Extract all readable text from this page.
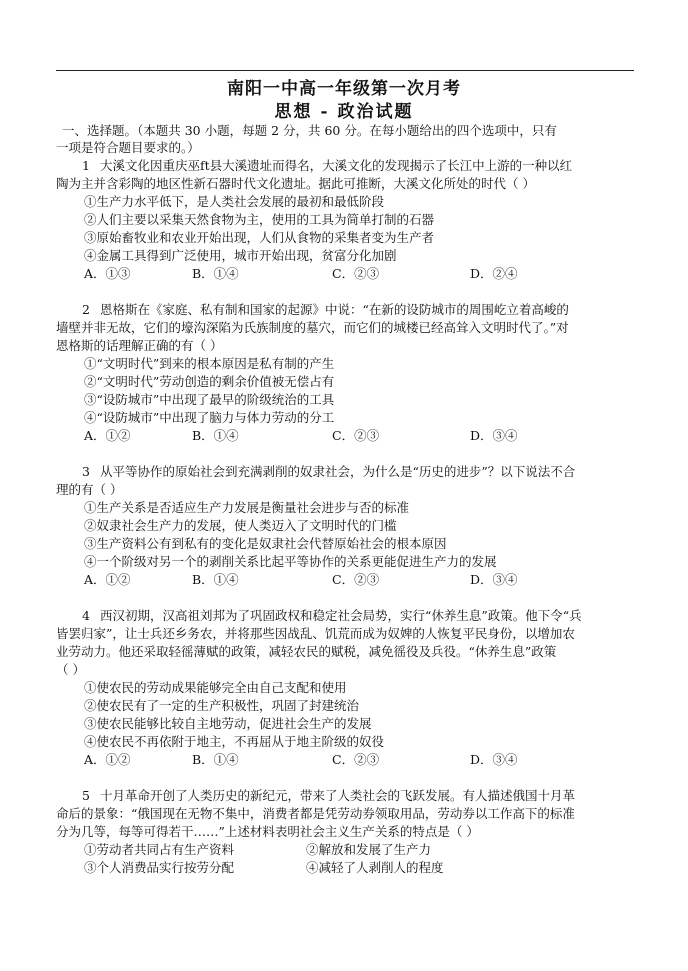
南阳一中高一年级第一次月考
思想 - 政治试题
一、选择题。（本题共 30 小题，每题 2 分，共 60 分。在每小题给出的四个选项中，只有
一项是符合题目要求的。）
1 大溪文化因重庆巫ft县大溪遗址而得名，大溪文化的发现揭示了长江中上游的一种以红
陶为主并含彩陶的地区性新石器时代文化遗址。据此可推断，大溪文化所处的时代（ ）
①生产力水平低下，是人类社会发展的最初和最低阶段
②人们主要以采集天然食物为主，使用的工具为简单打制的石器
③原始畜牧业和农业开始出现，人们从食物的采集者变为生产者
④金属工具得到广泛使用，城市开始出现，贫富分化加剧
A．①③	B．①④	C．②③	D．②④
2 恩格斯在《家庭、私有制和国家的起源》中说：“在新的设防城市的周围屹立着高峻的
墙壁并非无故，它们的壕沟深陷为氏族制度的墓穴，而它们的城楼已经高耸入文明时代了。”对
恩格斯的话理解正确的有（ ）
①“文明时代”到来的根本原因是私有制的产生
②“文明时代”劳动创造的剩余价值被无偿占有
③“设防城市”中出现了最早的阶级统治的工具
④“设防城市”中出现了脑力与体力劳动的分工
A．①②	B．①④	C．②③	D．③④
3 从平等协作的原始社会到充满剥削的奴隶社会，为什么是“历史的进步”？以下说法不合
理的有（ ）
①生产关系是否适应生产力发展是衡量社会进步与否的标准
②奴隶社会生产力的发展，使人类迈入了文明时代的门槛
③生产资料公有到私有的变化是奴隶社会代替原始社会的根本原因
④一个阶级对另一个的剥削关系比起平等协作的关系更能促进生产力的发展
A．①②	B．①④	C．②③	D．③④
4 西汉初期，汉高祖刘邦为了巩固政权和稳定社会局势，实行“休养生息”政策。他下令“兵
皆罢归家”，让士兵还乡务农，并将那些因战乱、饥荒而成为奴婢的人恢复平民身份，以增加农
业劳动力。他还采取轻徭薄赋的政策，减轻农民的赋税，减免徭役及兵役。“休养生息”政策
（ ）
①使农民的劳动成果能够完全由自己支配和使用
②使农民有了一定的生产积极性，巩固了封建统治
③使农民能够比较自主地劳动，促进社会生产的发展
④使农民不再依附于地主，不再屈从于地主阶级的奴役
A．①②	B．①④	C．②③	D．③④
5 十月革命开创了人类历史的新纪元，带来了人类社会的飞跃发展。有人描述俄国十月革
命后的景象：“俄国现在无物不集中，消费者都是凭劳动券领取用品，劳动券以工作高下的标准
分为几等，每等可得若干……”上述材料表明社会主义生产关系的特点是（ ）
①劳动者共同占有生产资料	②解放和发展了生产力
③个人消费品实行按劳分配	④减轻了人剥削人的程度
